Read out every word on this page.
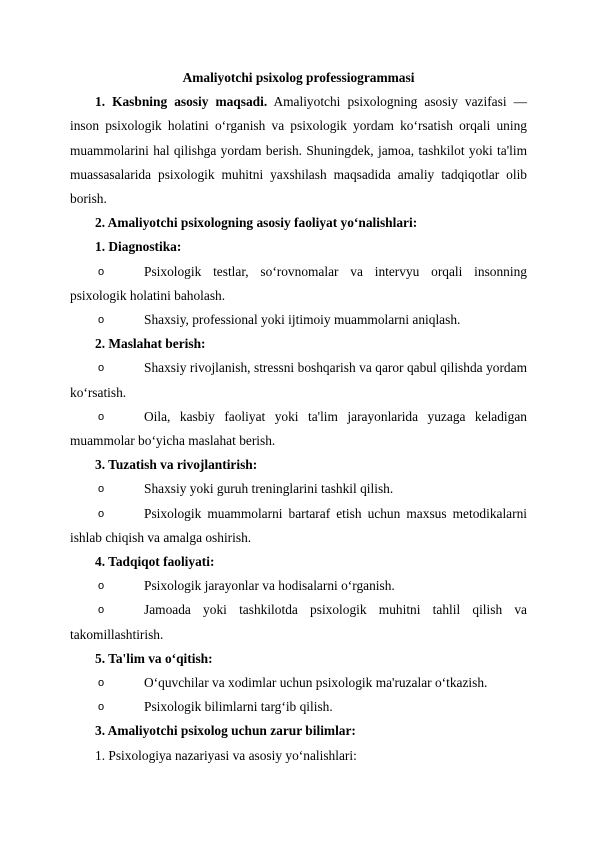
Amaliyotchi psixolog professiogrammasi

1. Kasbning asosiy maqsadi. Amaliyotchi psixologning asosiy vazifasi — inson psixologik holatini o‘rganish va psixologik yordam ko‘rsatish orqali uning muammolarini hal qilishga yordam berish. Shuningdek, jamoa, tashkilot yoki ta'lim muassasalarida psixologik muhitni yaxshilash maqsadida amaliy tadqiqotlar olib borish.

2. Amaliyotchi psixologning asosiy faoliyat yo‘nalishlari:

1. Diagnostika:

o	Psixologik testlar, so‘rovnomalar va intervyu orqali insonning psixologik holatini baholash.

o	Shaxsiy, professional yoki ijtimoiy muammolarni aniqlash.

2. Maslahat berish:

o	Shaxsiy rivojlanish, stressni boshqarish va qaror qabul qilishda yordam ko‘rsatish.

o	Oila, kasbiy faoliyat yoki ta'lim jarayonlarida yuzaga keladigan muammolar bo‘yicha maslahat berish.

3. Tuzatish va rivojlantirish:

o	Shaxsiy yoki guruh treninglarini tashkil qilish.

o	Psixologik muammolarni bartaraf etish uchun maxsus metodikalarni ishlab chiqish va amalga oshirish.

4. Tadqiqot faoliyati:

o	Psixologik jarayonlar va hodisalarni o‘rganish.

o	Jamoada yoki tashkilotda psixologik muhitni tahlil qilish va takomillashtirish.

5. Ta'lim va o‘qitish:

o	O‘quvchilar va xodimlar uchun psixologik ma'ruzalar o‘tkazish.

o	Psixologik bilimlarni targ‘ib qilish.

3. Amaliyotchi psixolog uchun zarur bilimlar:

1. Psixologiya nazariyasi va asosiy yo‘nalishlari:
